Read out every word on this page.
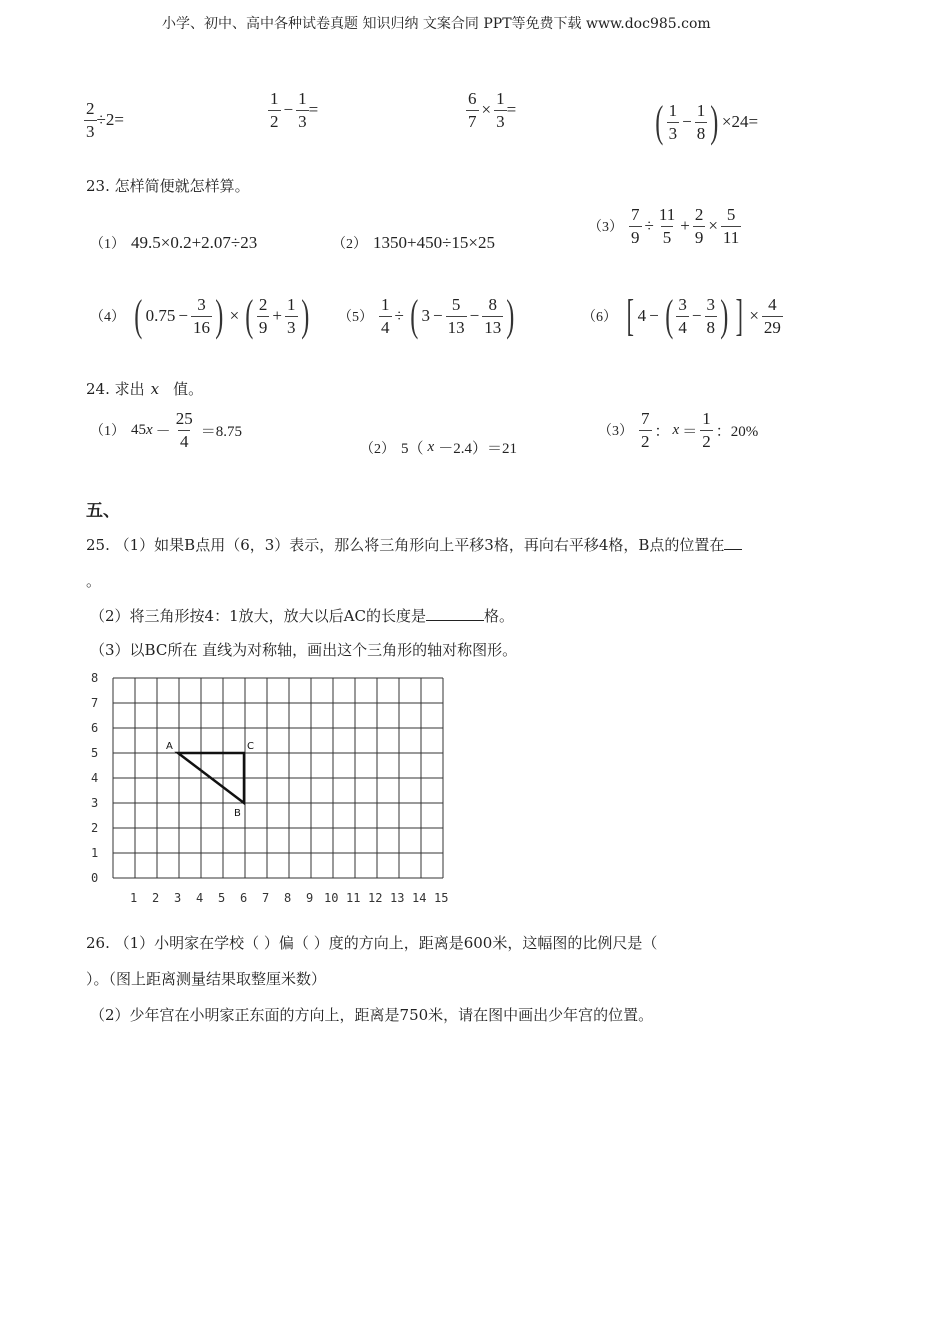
小学、初中、高中各种试卷真题 知识归纳 文案合同 PPT等免费下载 www.doc985.com
$\frac{2}{3} \div 2=$	$\frac{1}{2} - \frac{1}{3}$ =	$\frac{6}{7} \times \frac{1}{3}$ =	( $\frac{1}{3} - \frac{1}{8}$ ) ×24=
23. 怎样简便就怎样算。
（1） 49.5×0.2+2.07÷23	（2） 1350+450÷15×25
$(3) \frac{7}{9} \div \frac{11}{5} + \frac{2}{9} \times \frac{5}{11}$
（4） ( $0.75 - \frac{3}{16}$ ) × ( $\frac{2}{9} + \frac{1}{3}$ ) $(5) \frac{1}{4}$ ÷ ( $3 - \frac{5}{13} - \frac{8}{13}$ )	（6） [ 4 − ( $\frac{3}{4} - \frac{3}{8}$ ) ] × $\frac{4}{29}$
24. 求出 x 值。
（1） 45 $x - \frac{25}{4} =8.75$
（2） 5（ x －2.4）＝21
$(3) \frac{7}{2}$ ： $x = \frac{1}{2}$ ：20%
五、
25. （1）如果B点用（6，3）表示，那么将三角形向上平移3格，再向右平移4格，B点的位置在
。
（2）将三角形按4：1放大，放大以后AC的长度是	格。
（3）以BC所在 直线为对称轴，画出这个三角形的轴对称图形。
8
7
6
5
4
3
2
1
0
1 2 3 4 5 6 7 8 9 10 11 12 13 14 15
A	C
B
26. （1）小明家在学校（ ）偏（ ）度的方向上，距离是600米，这幅图的比例尺是（
）。（图上距离测量结果取整厘米数）
（2）少年宫在小明家正东面的方向上，距离是750米，请在图中画出少年宫的位置。
